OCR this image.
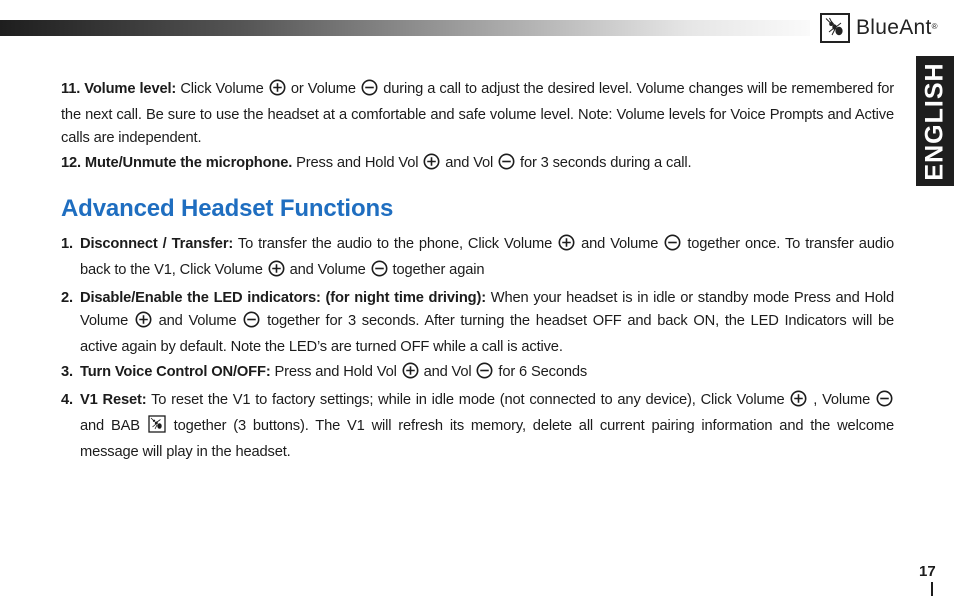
BlueAnt ®
ENGLISH

11. Volume level: Click Volume  or Volume  during a call to adjust the desired level. Volume changes will be remembered for the next call. Be sure to use the headset at a comfortable and safe volume level. Note: Volume levels for Voice Prompts and Active calls are independent.

12. Mute/Unmute the microphone. Press and Hold Vol  and Vol  for 3 seconds during a call.

Advanced Headset Functions
1. Disconnect / Transfer: To transfer the audio to the phone, Click Volume  and Volume  together once. To transfer audio back to the V1, Click Volume  and Volume  together again
2. Disable/Enable the LED indicators: (for night time driving): When your headset is in idle or standby mode Press and Hold Volume  and Volume  together for 3 seconds. After turning the headset OFF and back ON, the LED Indicators will be active again by default. Note the LED’s are turned OFF while a call is active.
3. Turn Voice Control ON/OFF: Press and Hold Vol  and Vol  for 6 Seconds
4. V1 Reset: To reset the V1 to factory settings; while in idle mode (not connected to any device), Click Volume  , Volume  and BAB  together (3 buttons). The V1 will refresh its memory, delete all current pairing information and the welcome message will play in the headset.
17
